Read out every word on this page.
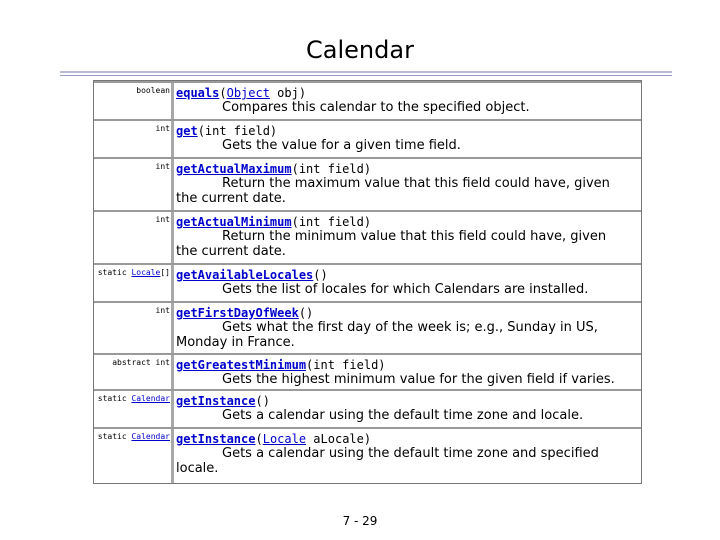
Calendar
boolean equals(Object obj)
Compares this calendar to the specified object.
int get(int field)
Gets the value for a given time field.
int getActualMaximum(int field)
Return the maximum value that this field could have, given the current date.
int getActualMinimum(int field)
Return the minimum value that this field could have, given the current date.
static Locale[] getAvailableLocales()
Gets the list of locales for which Calendars are installed.
int getFirstDayOfWeek()
Gets what the first day of the week is; e.g., Sunday in US, Monday in France.
abstract int getGreatestMinimum(int field)
Gets the highest minimum value for the given field if varies.
static Calendar getInstance()
Gets a calendar using the default time zone and locale.
static Calendar getInstance(Locale aLocale)
Gets a calendar using the default time zone and specified locale.
7 - 29
